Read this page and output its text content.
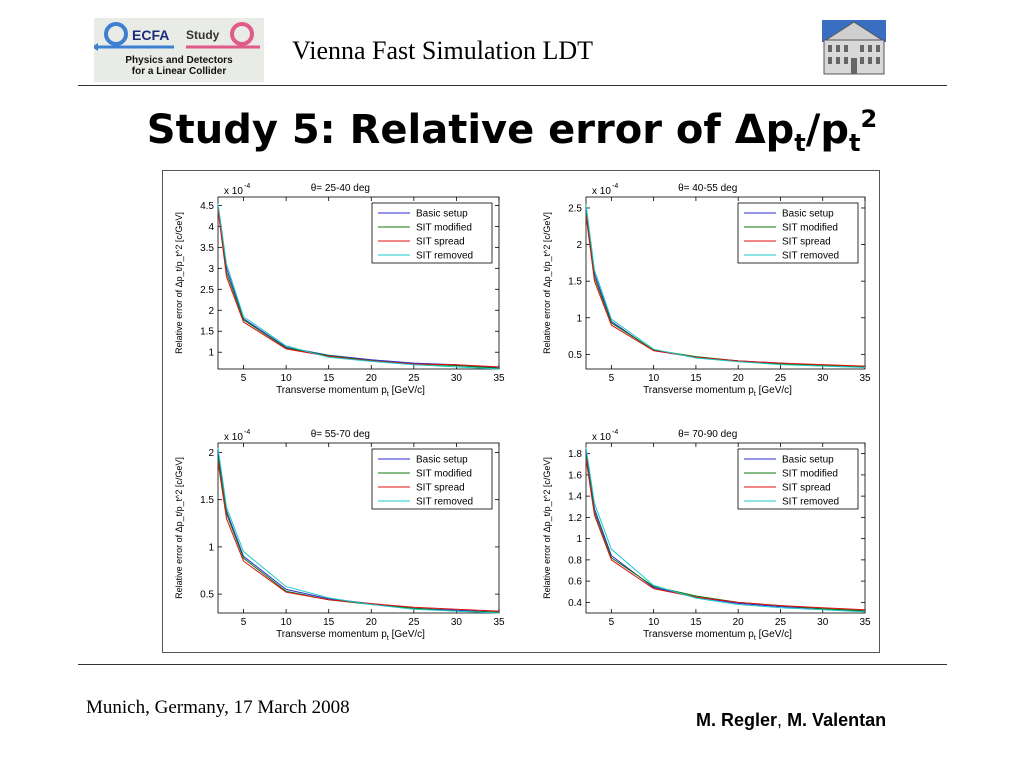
ECFA Study
Physics and Detectors
for a Linear Collider
Vienna Fast Simulation LDT
Study 5: Relative error of $\Delta p_t/p_t^2$
θ= 25-40 deg
x 10 -4
5	10	15	20	25	30	35
1
1.5
2
2.5
3
3.5
4
4.5
Transverse momentum $p_t$ [GeV/c]
Relative error of Δp_t/p_t^2 [c/GeV]	Basic setup
SIT modified
SIT spread
SIT removed
θ= 40-55 deg
x 10 -4
5	10	15	20	25	30	35
0.5
1
1.5
2
2.5
Transverse momentum $p_t$ [GeV/c]
Relative error of Δp_t/p_t^2 [c/GeV]	Basic setup
SIT modified
SIT spread
SIT removed
θ= 55-70 deg
x 10 -4
5	10	15	20	25	30	35
0.5
1
1.5
2
Transverse momentum $p_t$ [GeV/c]
Relative error of Δp_t/p_t^2 [c/GeV]	Basic setup
SIT modified
SIT spread
SIT removed
θ= 70-90 deg
x 10 -4
5	10	15	20	25	30	35
0.4
0.6
0.8
1
1.2
1.4
1.6
1.8
Transverse momentum $p_t$ [GeV/c]
Relative error of Δp_t/p_t^2 [c/GeV]	Basic setup
SIT modified
SIT spread
SIT removed
Munich, Germany, 17 March 2008
M. Regler, M. Valentan
